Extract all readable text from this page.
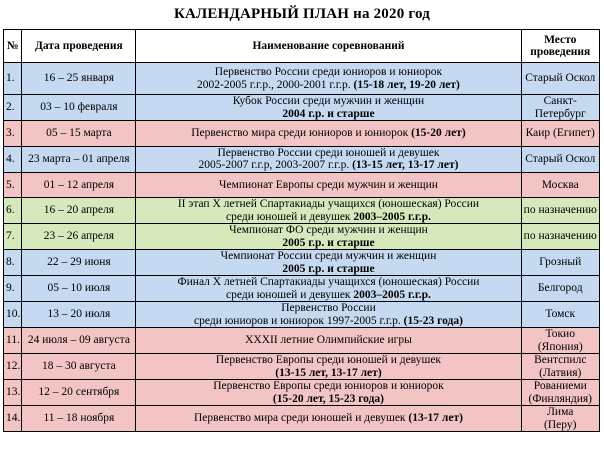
КАЛЕНДАРНЫЙ ПЛАН на 2020 год
№	Дата проведения	Наименование соревнований	Место
проведения
1.	16 – 25 января	Первенство России среди юниоров и юниорок
2002-2005 г.г.р., 2000-2001 г.г.р. (15-18 лет, 19-20 лет)	Старый Оскол
2.	03 – 10 февраля	Кубок России среди мужчин и женщин
2004 г.р. и старше	Санкт-
Петербург
3.	05 – 15 марта	Первенство мира среди юниоров и юниорок (15-20 лет)	Каир (Египет)
4.	23 марта – 01 апреля	Первенство России среди юношей и девушек
2005-2007 г.г.р, 2003-2007 г.г.р. (13-15 лет, 13-17 лет)	Старый Оскол
5.	01 – 12 апреля	Чемпионат Европы среди мужчин и женщин	Москва
6.	16 – 20 апреля	II этап X летней Спартакиады учащихся (юношеская) России
среди юношей и девушек 2003–2005 г.г.р.	по назначению
7.	23 – 26 апреля	Чемпионат ФО среди мужчин и женщин
2005 г.р. и старше	по назначению
8.	22 – 29 июня	Чемпионат России среди мужчин и женщин
2005 г.р. и старше	Грозный
9.	05 – 10 июля	Финал X летней Спартакиады учащихся (юношеская) России
среди юношей и девушек 2003–2005 г.г.р.	Белгород
10.	13 – 20 июля	Первенство России
среди юниоров и юниорок 1997-2005 г.г.р. (15-23 года)	Томск
11.	24 июля – 09 августа	XXXII летние Олимпийские игры	Токио
(Япония)
12.	18 – 30 августа	Первенство Европы среди юношей и девушек
(13-15 лет, 13-17 лет)	Вентспилс
(Латвия)
13.	12 – 20 сентября	Первенство Европы среди юниоров и юниорок
(15-20 лет, 15-23 года)	Рованиеми
(Финляндия)
14.	11 – 18 ноября	Первенство мира среди юношей и девушек (13-17 лет)	Лима
(Перу)
